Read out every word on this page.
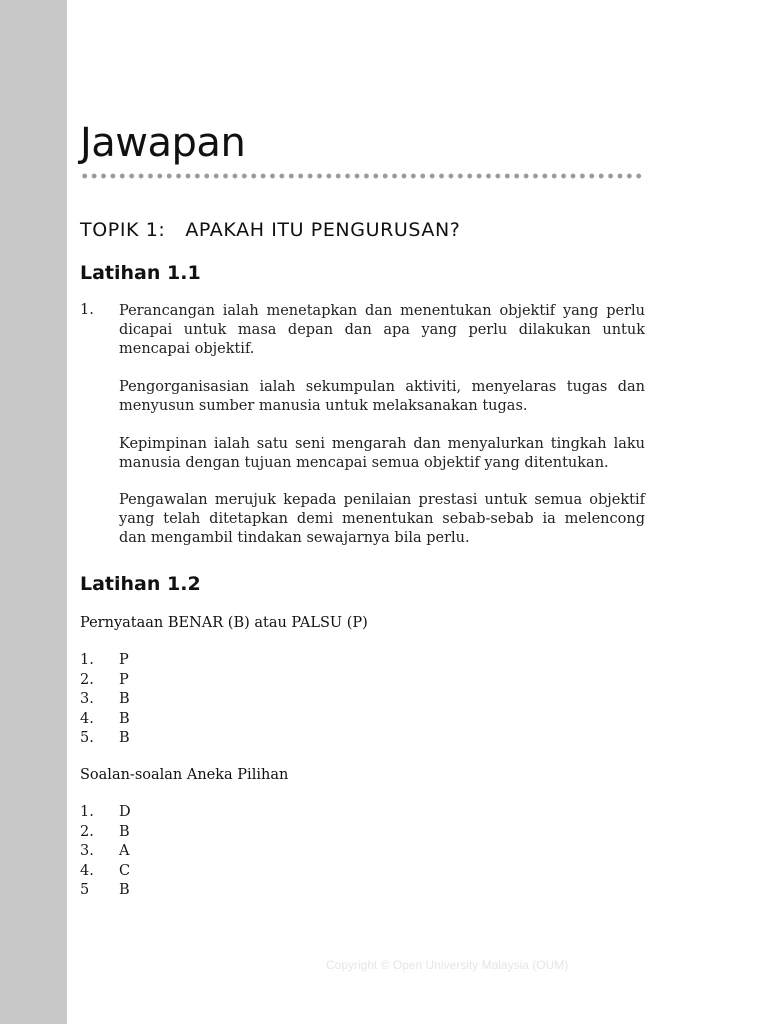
Jawapan
TOPIK 1:   APAKAH ITU PENGURUSAN?
Latihan 1.1
1. Perancangan ialah menetapkan dan menentukan objektif yang perlu dicapai untuk masa depan dan apa yang perlu dilakukan untuk mencapai objektif.

Pengorganisasian ialah sekumpulan aktiviti, menyelaras tugas dan menyusun sumber manusia untuk melaksanakan tugas.

Kepimpinan ialah satu seni mengarah dan menyalurkan tingkah laku manusia dengan tujuan mencapai semua objektif yang ditentukan.

Pengawalan merujuk kepada penilaian prestasi untuk semua objektif yang telah ditetapkan demi menentukan sebab-sebab ia melencong dan mengambil tindakan sewajarnya bila perlu.

Latihan 1.2
Pernyataan BENAR (B) atau PALSU (P)
1. P
2. P
3. B
4. B
5. B
Soalan-soalan Aneka Pilihan
1. D
2. B
3. A
4. C
5 B
Copyright © Open University Malaysia (OUM)
